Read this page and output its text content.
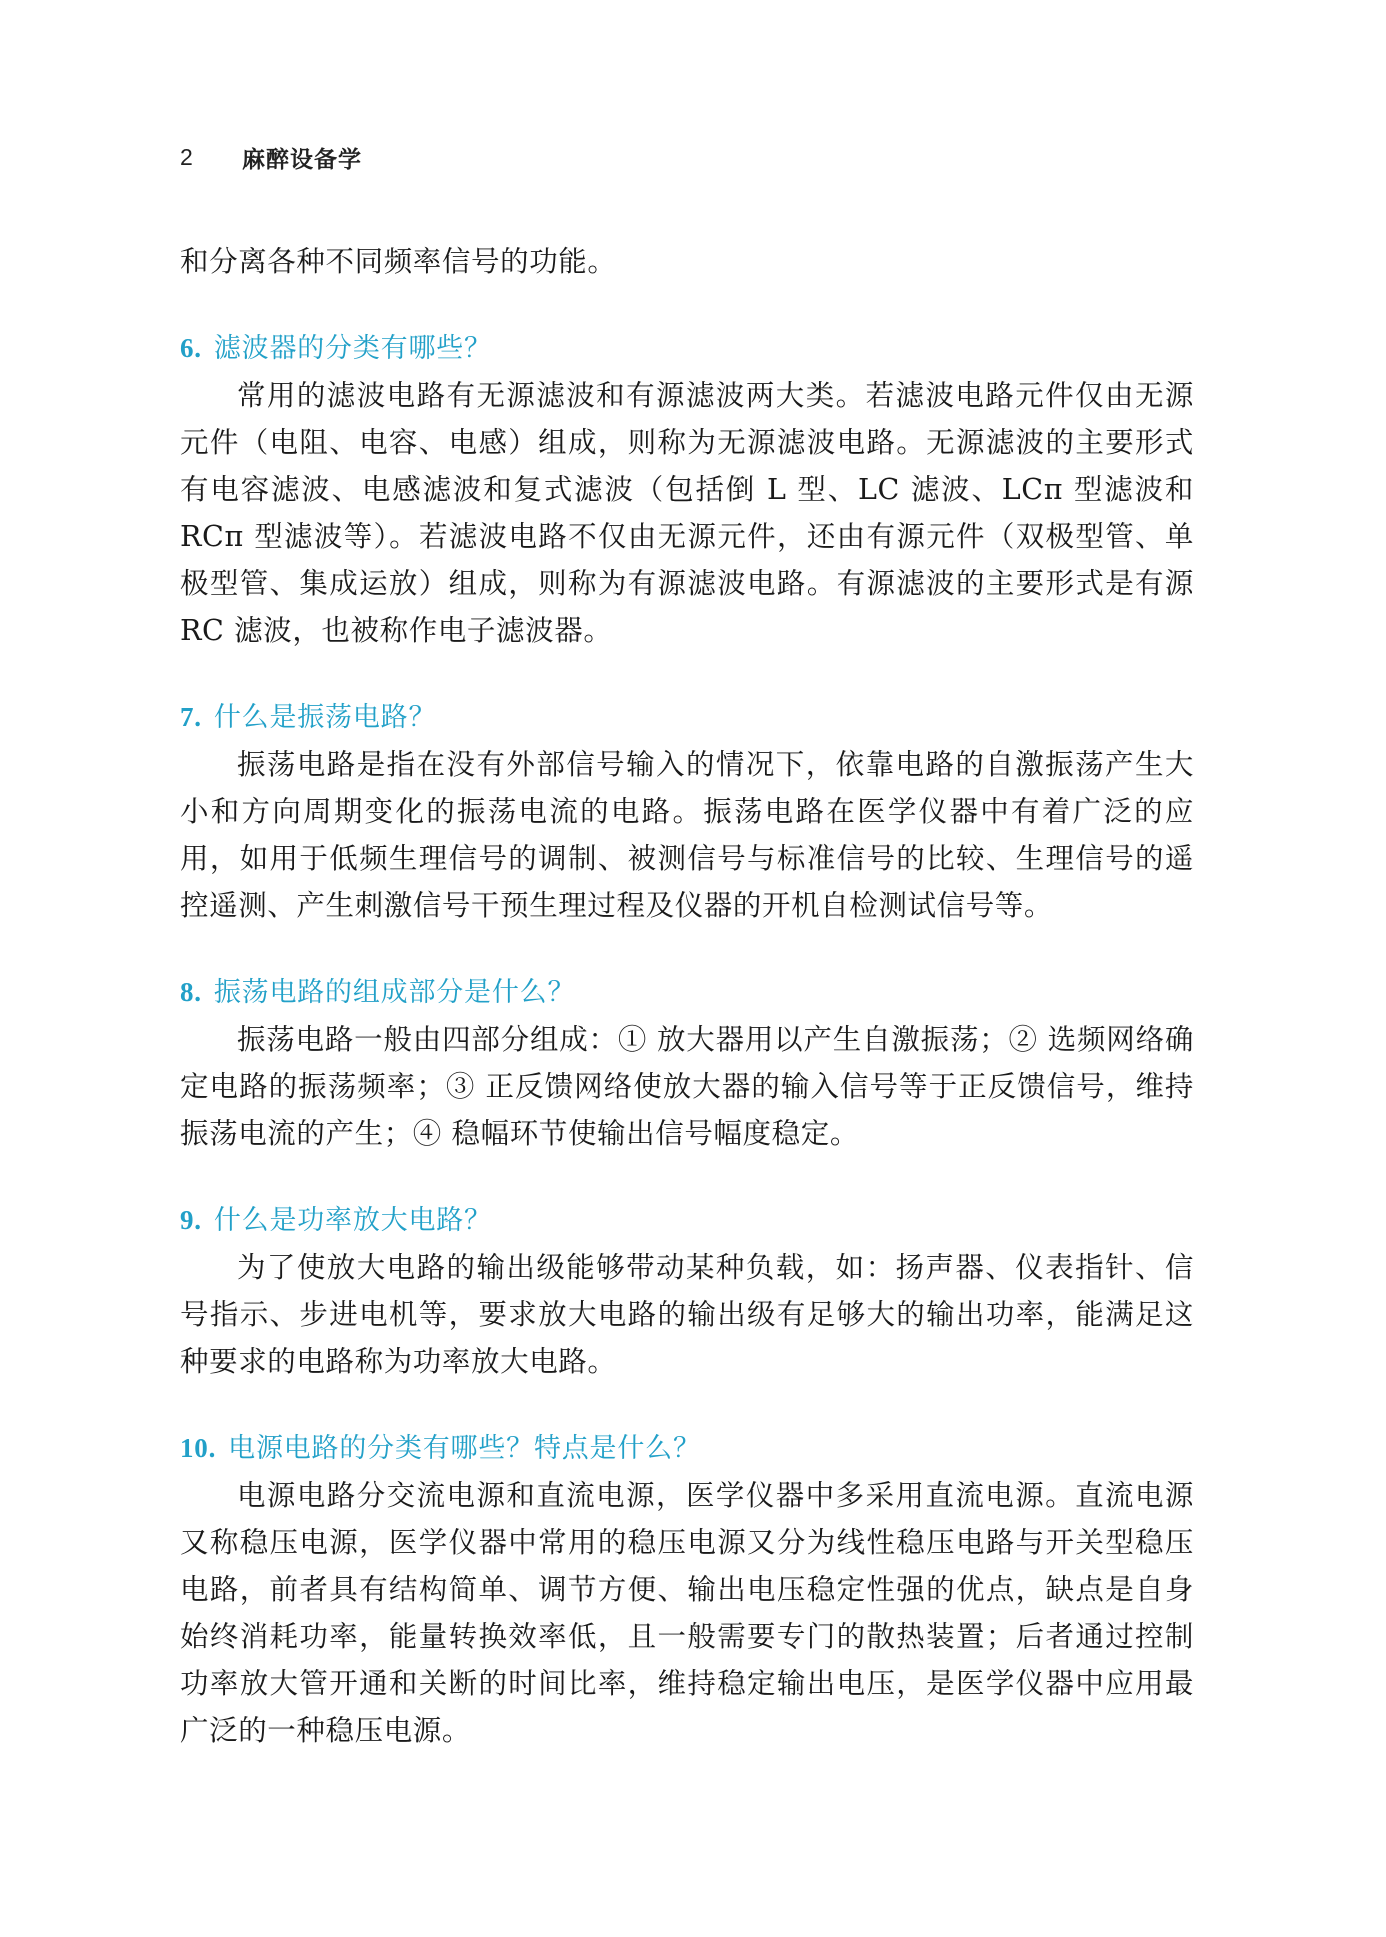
2	麻醉设备学

和分离各种不同频率信号的功能。

6. 滤波器的分类有哪些？

常用的滤波电路有无源滤波和有源滤波两大类。若滤波电路元件仅由无源元件（电阻、电容、电感）组成，则称为无源滤波电路。无源滤波的主要形式有电容滤波、电感滤波和复式滤波（包括倒 L 型、LC 滤波、LCπ 型滤波和 RCπ 型滤波等）。若滤波电路不仅由无源元件，还由有源元件（双极型管、单极型管、集成运放）组成，则称为有源滤波电路。有源滤波的主要形式是有源 RC 滤波，也被称作电子滤波器。

7. 什么是振荡电路？

振荡电路是指在没有外部信号输入的情况下，依靠电路的自激振荡产生大小和方向周期变化的振荡电流的电路。振荡电路在医学仪器中有着广泛的应用，如用于低频生理信号的调制、被测信号与标准信号的比较、生理信号的遥控遥测、产生刺激信号干预生理过程及仪器的开机自检测试信号等。

8. 振荡电路的组成部分是什么？

振荡电路一般由四部分组成：① 放大器用以产生自激振荡；② 选频网络确定电路的振荡频率；③ 正反馈网络使放大器的输入信号等于正反馈信号，维持振荡电流的产生；④ 稳幅环节使输出信号幅度稳定。

9. 什么是功率放大电路？

为了使放大电路的输出级能够带动某种负载，如：扬声器、仪表指针、信号指示、步进电机等，要求放大电路的输出级有足够大的输出功率，能满足这种要求的电路称为功率放大电路。

10. 电源电路的分类有哪些？特点是什么？

电源电路分交流电源和直流电源，医学仪器中多采用直流电源。直流电源又称稳压电源，医学仪器中常用的稳压电源又分为线性稳压电路与开关型稳压电路，前者具有结构简单、调节方便、输出电压稳定性强的优点，缺点是自身始终消耗功率，能量转换效率低，且一般需要专门的散热装置；后者通过控制功率放大管开通和关断的时间比率，维持稳定输出电压，是医学仪器中应用最广泛的一种稳压电源。
